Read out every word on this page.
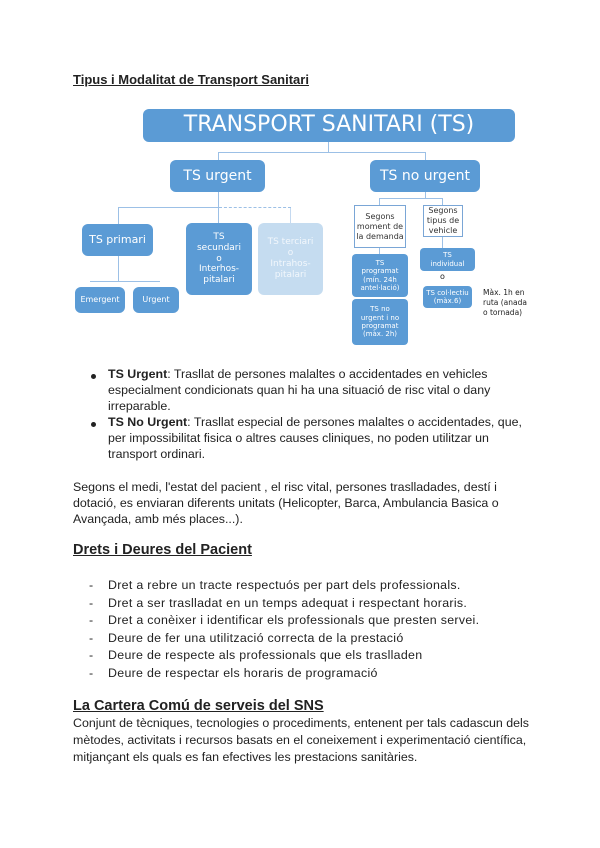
Tipus i Modalitat de Transport Sanitari
TRANSPORT SANITARI (TS)
TS urgent	TS no urgent
TS primari
Emergent	Urgent
TS
secundari
o
Interhos-
pitalari
TS terciari
o
Intrahos-
pitalari
Segons
moment de
la demanda
Segons
tipus de
vehicle
TS
programat
(mín. 24h
antel·lació)
TS no
urgent i no
programat
(màx. 2h)
TS
individual
o
TS col·lectiu
(màx.6)
Màx. 1h en
ruta (anada
o tornada)
TS Urgent: Trasllat de persones malaltes o accidentades en vehicles
especialment condicionats quan hi ha una situació de risc vital o dany
irreparable.
TS No Urgent: Trasllat especial de persones malaltes o accidentades, que,
per impossibilitat fisica o altres causes cliniques, no poden utilitzar un
transport ordinari.
Segons el medi, l'estat del pacient , el risc vital, persones traslladades, destí i
dotació, es enviaran diferents unitats (Helicopter, Barca, Ambulancia Basica o
Avançada, amb més places...).
Drets i Deures del Pacient
- Dret a rebre un tracte respectuós per part dels professionals.
- Dret a ser traslladat en un temps adequat i respectant horaris.
- Dret a conèixer i identificar els professionals que presten servei.
- Deure de fer una utilització correcta de la prestació
- Deure de respecte als professionals que els traslladen
- Deure de respectar els horaris de programació
La Cartera Comú de serveis del SNS
Conjunt de tècniques, tecnologies o procediments, entenent per tals cadascun dels
mètodes, activitats i recursos basats en el coneixement i experimentació científica,
mitjançant els quals es fan efectives les prestacions sanitàries.
